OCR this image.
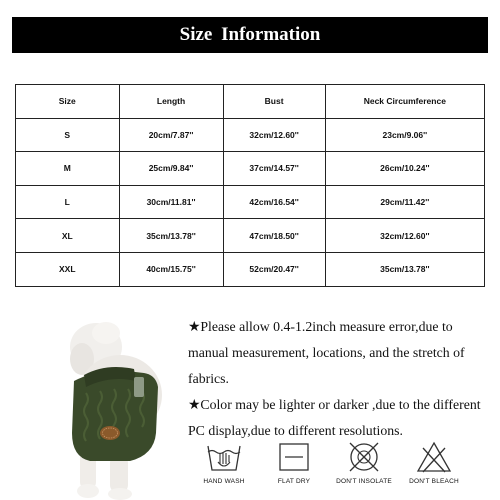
Size Information
Size	Length	Bust	Neck Circumference
S	20cm/7.87''	32cm/12.60''	23cm/9.06''
M	25cm/9.84''	37cm/14.57''	26cm/10.24''
L	30cm/11.81''	42cm/16.54''	29cm/11.42''
XL	35cm/13.78''	47cm/18.50''	32cm/12.60''
XXL	40cm/15.75''	52cm/20.47''	35cm/13.78''

★Please allow 0.4-1.2inch measure error,due to manual measurement, locations, and the stretch of fabrics.

★Color may be lighter or darker ,due to the different PC display,due to different resolutions.

HAND WASH	FLAT DRY	DON'T INSOLATE	DON'T BLEACH
